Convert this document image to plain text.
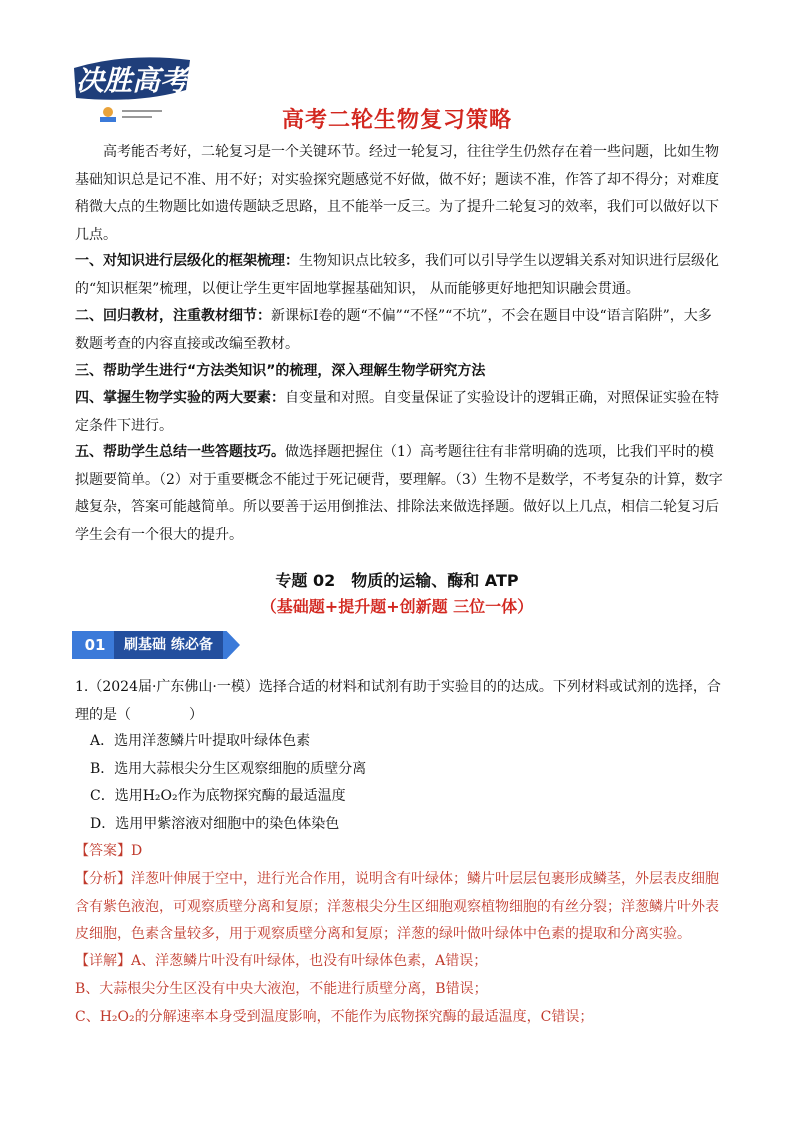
决胜高考
高考二轮生物复习策略
高考能否考好，二轮复习是一个关键环节。经过一轮复习，往往学生仍然存在着一些问题，比如生物基础知识总是记不准、用不好；对实验探究题感觉不好做，做不好；题读不准，作答了却不得分；对难度稍微大点的生物题比如遗传题缺乏思路，且不能举一反三。为了提升二轮复习的效率，我们可以做好以下几点。
一、对知识进行层级化的框架梳理：生物知识点比较多，我们可以引导学生以逻辑关系对知识进行层级化的“知识框架”梳理，以便让学生更牢固地掌握基础知识， 从而能够更好地把知识融会贯通。
二、回归教材，注重教材细节：新课标Ⅰ卷的题“不偏”“不怪”“不坑”，不会在题目中设“语言陷阱”，大多数题考查的内容直接或改编至教材。
三、帮助学生进行“方法类知识”的梳理，深入理解生物学研究方法
四、掌握生物学实验的两大要素：自变量和对照。自变量保证了实验设计的逻辑正确，对照保证实验在特定条件下进行。
五、帮助学生总结一些答题技巧。做选择题把握住（1）高考题往往有非常明确的选项，比我们平时的模拟题要简单。（2）对于重要概念不能过于死记硬背，要理解。（3）生物不是数学，不考复杂的计算，数字越复杂，答案可能越简单。所以要善于运用倒推法、排除法来做选择题。做好以上几点，相信二轮复习后学生会有一个很大的提升。
专题 02　物质的运输、酶和 ATP
（基础题+提升题+创新题 三位一体）
01	刷基础 练必备
1.（2024届·广东佛山·一模）选择合适的材料和试剂有助于实验目的的达成。下列材料或试剂的选择，合理的是（	）
A．选用洋葱鳞片叶提取叶绿体色素
B．选用大蒜根尖分生区观察细胞的质壁分离
C．选用H₂O₂作为底物探究酶的最适温度
D．选用甲紫溶液对细胞中的染色体染色
【答案】D
【分析】洋葱叶伸展于空中，进行光合作用，说明含有叶绿体；鳞片叶层层包裹形成鳞茎，外层表皮细胞含有紫色液泡，可观察质壁分离和复原；洋葱根尖分生区细胞观察植物细胞的有丝分裂；洋葱鳞片叶外表皮细胞，色素含量较多，用于观察质壁分离和复原；洋葱的绿叶做叶绿体中色素的提取和分离实验。
【详解】A、洋葱鳞片叶没有叶绿体，也没有叶绿体色素，A错误；
B、大蒜根尖分生区没有中央大液泡，不能进行质壁分离，B错误；
C、H₂O₂的分解速率本身受到温度影响，不能作为底物探究酶的最适温度，C错误；
